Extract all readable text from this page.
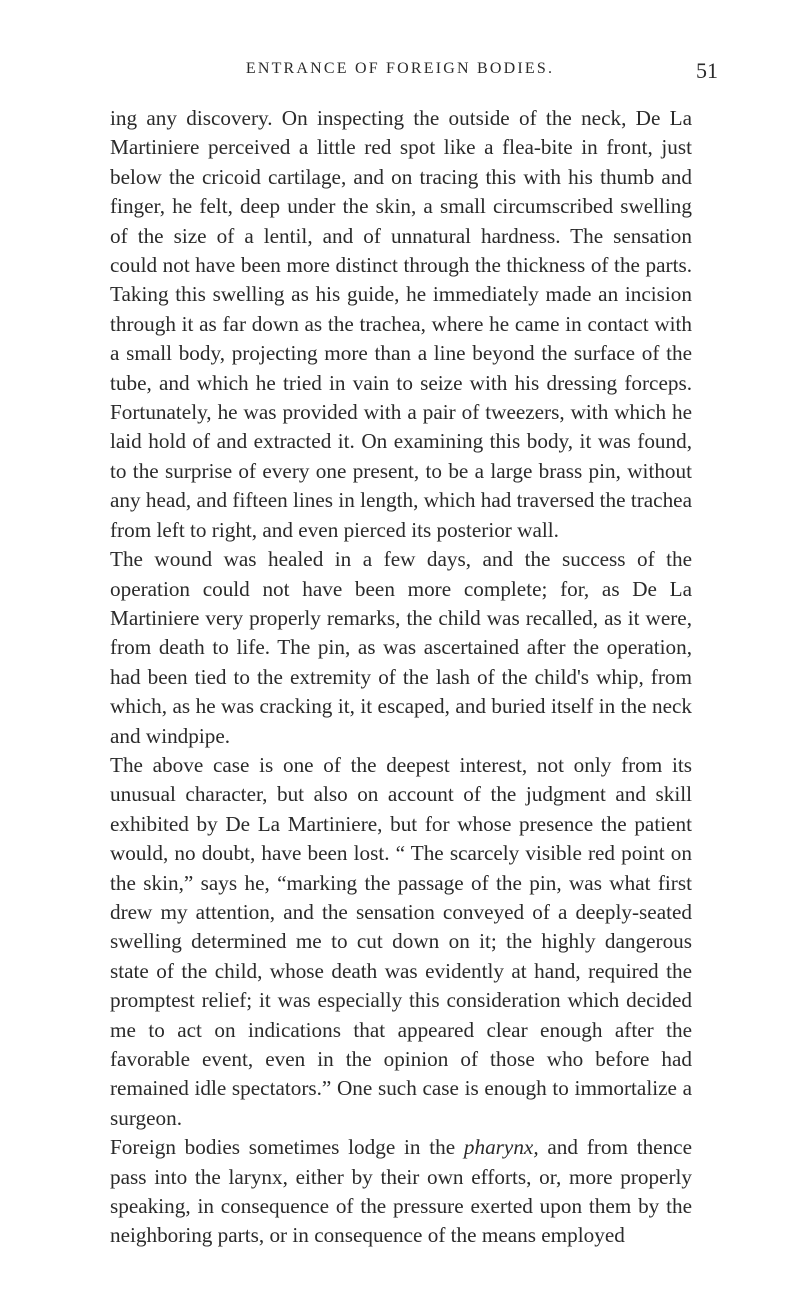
ENTRANCE OF FOREIGN BODIES.	51

ing any discovery. On inspecting the outside of the neck, De La Martiniere perceived a little red spot like a flea-bite in front, just below the cricoid cartilage, and on tracing this with his thumb and finger, he felt, deep under the skin, a small circumscribed swelling of the size of a lentil, and of unnatural hardness. The sensation could not have been more distinct through the thickness of the parts. Taking this swelling as his guide, he immediately made an incision through it as far down as the trachea, where he came in contact with a small body, projecting more than a line beyond the surface of the tube, and which he tried in vain to seize with his dressing forceps. Fortunately, he was provided with a pair of tweezers, with which he laid hold of and extracted it. On examining this body, it was found, to the surprise of every one present, to be a large brass pin, without any head, and fifteen lines in length, which had traversed the trachea from left to right, and even pierced its posterior wall.

The wound was healed in a few days, and the success of the operation could not have been more complete; for, as De La Martiniere very properly remarks, the child was recalled, as it were, from death to life. The pin, as was ascertained after the operation, had been tied to the extremity of the lash of the child's whip, from which, as he was cracking it, it escaped, and buried itself in the neck and windpipe.

The above case is one of the deepest interest, not only from its unusual character, but also on account of the judgment and skill exhibited by De La Martiniere, but for whose presence the patient would, no doubt, have been lost. “ The scarcely visible red point on the skin,” says he, “marking the passage of the pin, was what first drew my attention, and the sensation conveyed of a deeply-seated swelling determined me to cut down on it; the highly dangerous state of the child, whose death was evidently at hand, required the promptest relief; it was especially this consideration which decided me to act on indications that appeared clear enough after the favorable event, even in the opinion of those who before had remained idle spectators.” One such case is enough to immortalize a surgeon.

Foreign bodies sometimes lodge in the pharynx, and from thence pass into the larynx, either by their own efforts, or, more properly speaking, in consequence of the pressure exerted upon them by the neighboring parts, or in consequence of the means employed
